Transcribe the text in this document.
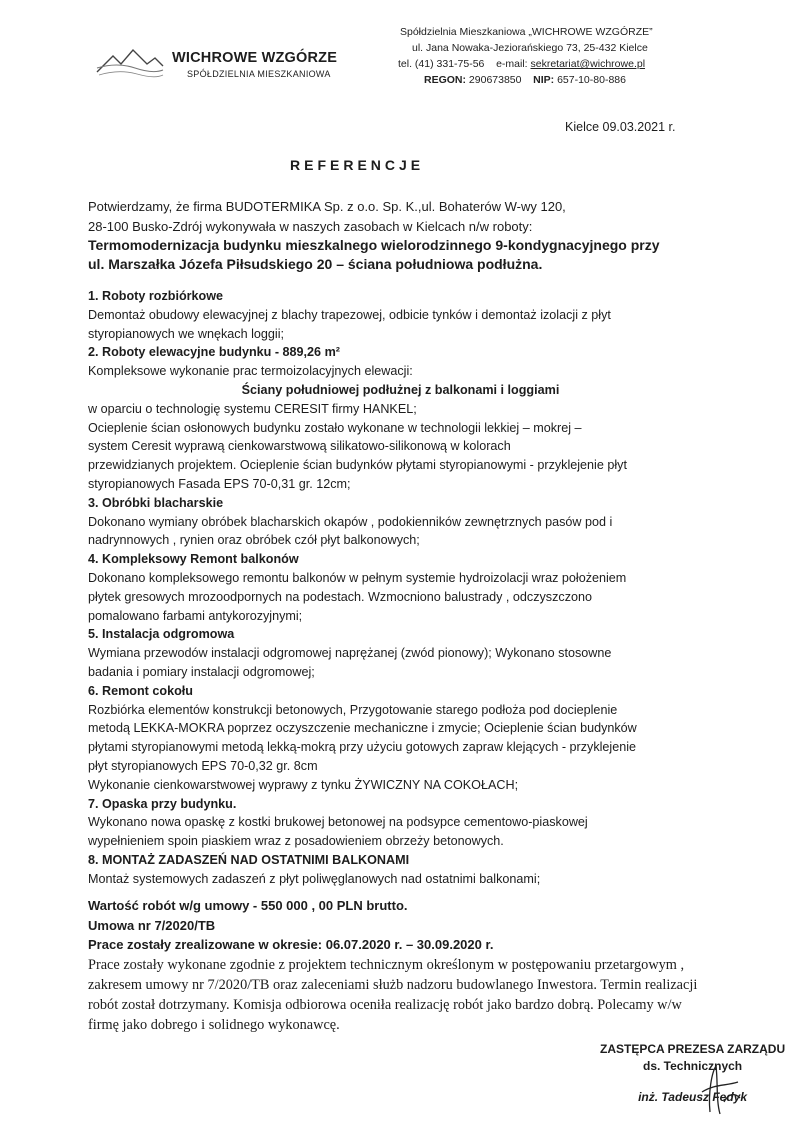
WICHROWE WZGÓRZE
SPÓŁDZIELNIA MIESZKANIOWA
Spółdzielnia Mieszkaniowa „WICHROWE WZGÓRZE”
ul. Jana Nowaka-Jeziorańskiego 73, 25-432 Kielce
tel. (41) 331-75-56 e-mail: sekretariat@wichrowe.pl
REGON: 290673850 NIP: 657-10-80-886
Kielce 09.03.2021 r.
REFERENCJE
Potwierdzamy, że firma BUDOTERMIKA Sp. z o.o. Sp. K.,ul. Bohaterów W-wy 120,
28-100 Busko-Zdrój wykonywała w naszych zasobach w Kielcach n/w roboty:
Termomodernizacja budynku mieszkalnego wielorodzinnego 9-kondygnacyjnego przy
ul. Marszałka Józefa Piłsudskiego 20 – ściana południowa podłużna.
1. Roboty rozbiórkowe
Demontaż obudowy elewacyjnej z blachy trapezowej, odbicie tynków i demontaż izolacji z płyt
styropianowych we wnękach loggii;
2. Roboty elewacyjne budynku - 889,26 m²
Kompleksowe wykonanie prac termoizolacyjnych elewacji:
Ściany południowej podłużnej z balkonami i loggiami
w oparciu o technologię systemu CERESIT firmy HANKEL;
Ocieplenie ścian osłonowych budynku zostało wykonane w technologii lekkiej – mokrej –
system Ceresit wyprawą cienkowarstwową silikatowo-silikonową w kolorach
przewidzianych projektem. Ocieplenie ścian budynków płytami styropianowymi - przyklejenie płyt
styropianowych Fasada EPS 70-0,31 gr. 12cm;
3. Obróbki blacharskie
Dokonano wymiany obróbek blacharskich okapów , podokienników zewnętrznych pasów pod i
nadrynnowych , rynien oraz obróbek czół płyt balkonowych;
4. Kompleksowy Remont balkonów
Dokonano kompleksowego remontu balkonów w pełnym systemie hydroizolacji wraz położeniem
płytek gresowych mrozoodpornych na podestach. Wzmocniono balustrady , odczyszczono
pomalowano farbami antykorozyjnymi;
5. Instalacja odgromowa
Wymiana przewodów instalacji odgromowej naprężanej (zwód pionowy); Wykonano stosowne
badania i pomiary instalacji odgromowej;
6. Remont cokołu
Rozbiórka elementów konstrukcji betonowych, Przygotowanie starego podłoża pod docieplenie
metodą LEKKA-MOKRA poprzez oczyszczenie mechaniczne i zmycie; Ocieplenie ścian budynków
płytami styropianowymi metodą lekką-mokrą przy użyciu gotowych zapraw klejących - przyklejenie
płyt styropianowych EPS 70-0,32 gr. 8cm
Wykonanie cienkowarstwowej wyprawy z tynku ŻYWICZNY NA COKOŁACH;
7. Opaska przy budynku.
Wykonano nowa opaskę z kostki brukowej betonowej na podsypce cementowo-piaskowej
wypełnieniem spoin piaskiem wraz z posadowieniem obrzeży betonowych.
8. MONTAŻ ZADASZEŃ NAD OSTATNIMI BALKONAMI
Montaż systemowych zadaszeń z płyt poliwęglanowych nad ostatnimi balkonami;
Wartość robót w/g umowy - 550 000 , 00 PLN brutto.
Umowa nr 7/2020/TB
Prace zostały zrealizowane w okresie: 06.07.2020 r. – 30.09.2020 r.
Prace zostały wykonane zgodnie z projektem technicznym określonym w postępowaniu przetargowym , zakresem umowy nr 7/2020/TB oraz zaleceniami służb nadzoru budowlanego Inwestora. Termin realizacji robót został dotrzymany. Komisja odbiorowa oceniła realizację robót jako bardzo dobrą. Polecamy w/w firmę jako dobrego i solidnego wykonawcę.
ZASTĘPCA PREZESA ZARZĄDU
ds. Technicznych
inż. Tadeusz Fedyk
